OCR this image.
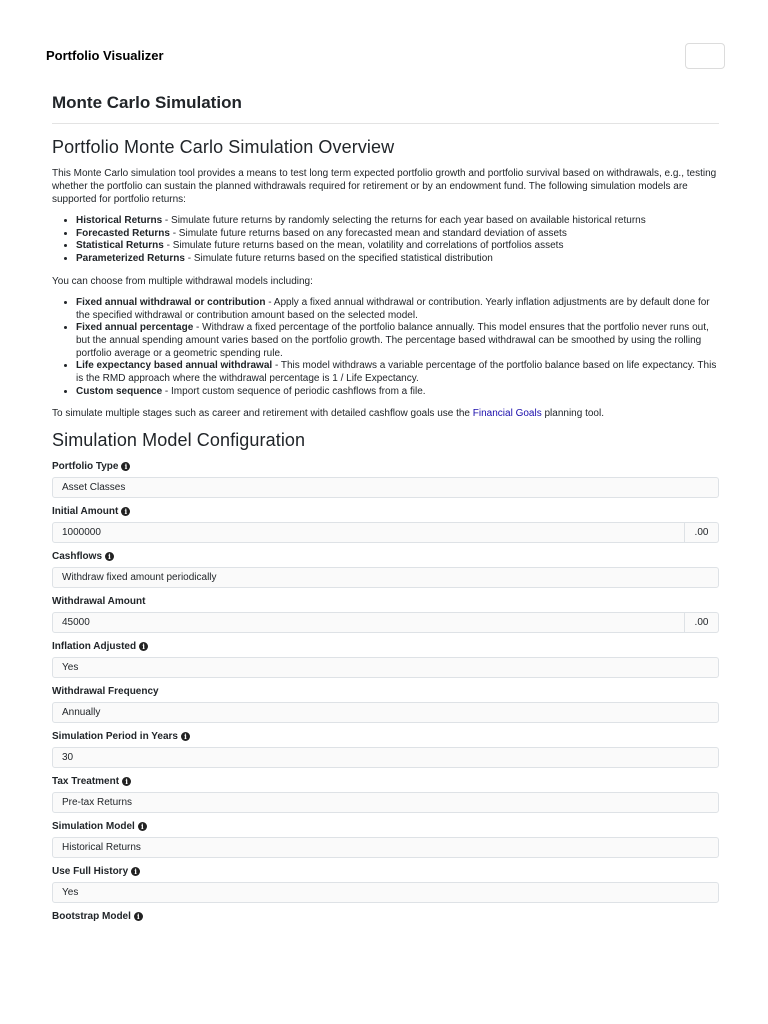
Portfolio Visualizer
Monte Carlo Simulation
Portfolio Monte Carlo Simulation Overview

This Monte Carlo simulation tool provides a means to test long term expected portfolio growth and portfolio survival based on withdrawals, e.g., testing whether the portfolio can sustain the planned withdrawals required for retirement or by an endowment fund. The following simulation models are supported for portfolio returns:

• Historical Returns - Simulate future returns by randomly selecting the returns for each year based on available historical returns
• Forecasted Returns - Simulate future returns based on any forecasted mean and standard deviation of assets
• Statistical Returns - Simulate future returns based on the mean, volatility and correlations of portfolios assets
• Parameterized Returns - Simulate future returns based on the specified statistical distribution

You can choose from multiple withdrawal models including:

• Fixed annual withdrawal or contribution - Apply a fixed annual withdrawal or contribution. Yearly inflation adjustments are by default done for the specified withdrawal or contribution amount based on the selected model.
• Fixed annual percentage - Withdraw a fixed percentage of the portfolio balance annually. This model ensures that the portfolio never runs out, but the annual spending amount varies based on the portfolio growth. The percentage based withdrawal can be smoothed by using the rolling portfolio average or a geometric spending rule.
• Life expectancy based annual withdrawal - This model withdraws a variable percentage of the portfolio balance based on life expectancy. This is the RMD approach where the withdrawal percentage is 1 / Life Expectancy.
• Custom sequence - Import custom sequence of periodic cashflows from a file.

To simulate multiple stages such as career and retirement with detailed cashflow goals use the Financial Goals planning tool.

Simulation Model Configuration
Portfolio Type i
Asset Classes
Initial Amount i
1000000	.00
Cashflows i
Withdraw fixed amount periodically
Withdrawal Amount
45000	.00
Inflation Adjusted i
Yes
Withdrawal Frequency
Annually
Simulation Period in Years i
30
Tax Treatment i
Pre-tax Returns
Simulation Model i
Historical Returns
Use Full History i
Yes
Bootstrap Model i
